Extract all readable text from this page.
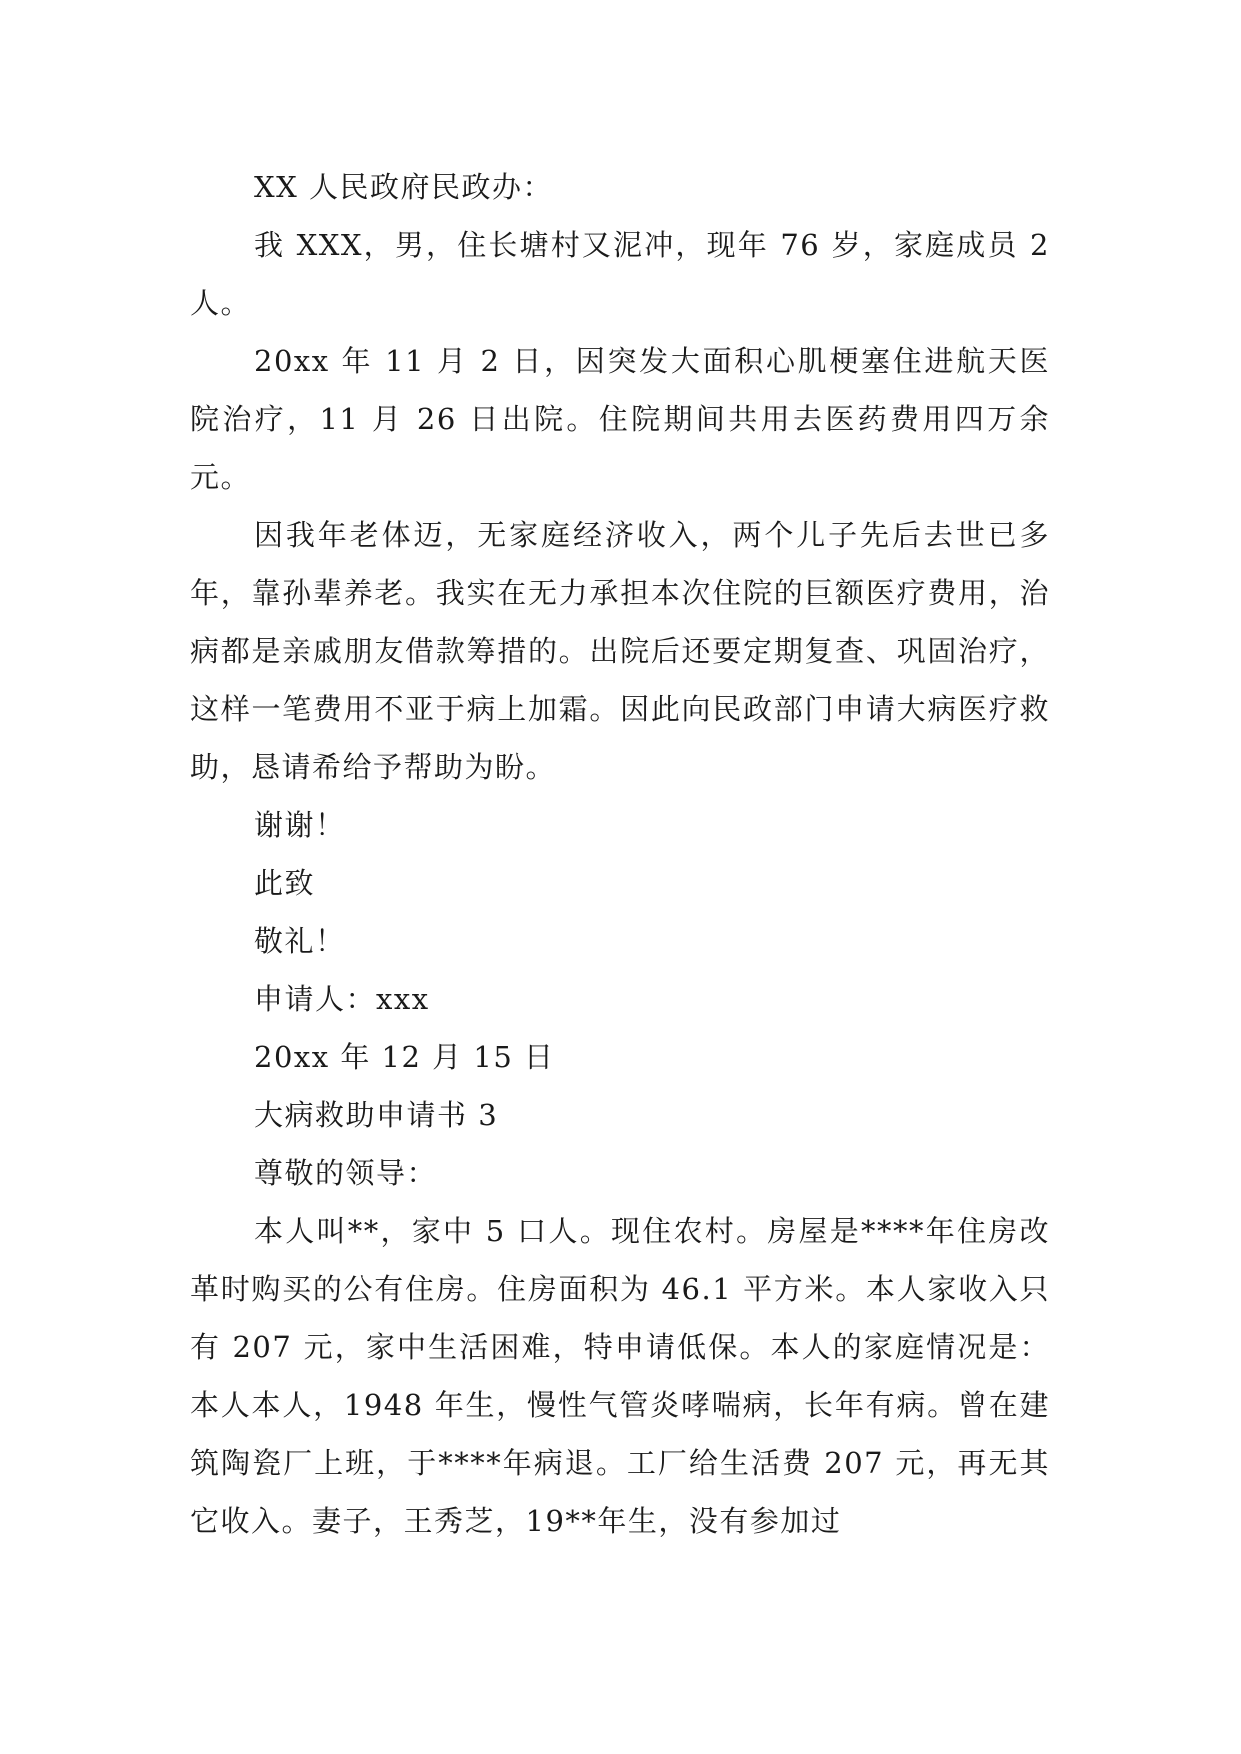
XX 人民政府民政办：

我 XXX，男，住长塘村又泥冲，现年 76 岁，家庭成员 2 人。

20xx 年 11 月 2 日，因突发大面积心肌梗塞住进航天医院治疗，11 月 26 日出院。住院期间共用去医药费用四万余元。

因我年老体迈，无家庭经济收入，两个儿子先后去世已多年，靠孙辈养老。我实在无力承担本次住院的巨额医疗费用，治病都是亲戚朋友借款筹措的。出院后还要定期复查、巩固治疗，这样一笔费用不亚于病上加霜。因此向民政部门申请大病医疗救助，恳请希给予帮助为盼。

谢谢！

此致

敬礼！

申请人：xxx

20xx 年 12 月 15 日

大病救助申请书 3

尊敬的领导：

本人叫**，家中 5 口人。现住农村。房屋是****年住房改革时购买的公有住房。住房面积为 46.1 平方米。本人家收入只有 207 元，家中生活困难，特申请低保。本人的家庭情况是：本人本人，1948 年生，慢性气管炎哮喘病，长年有病。曾在建筑陶瓷厂上班，于****年病退。工厂给生活费 207 元，再无其它收入。妻子，王秀芝，19**年生，没有参加过
